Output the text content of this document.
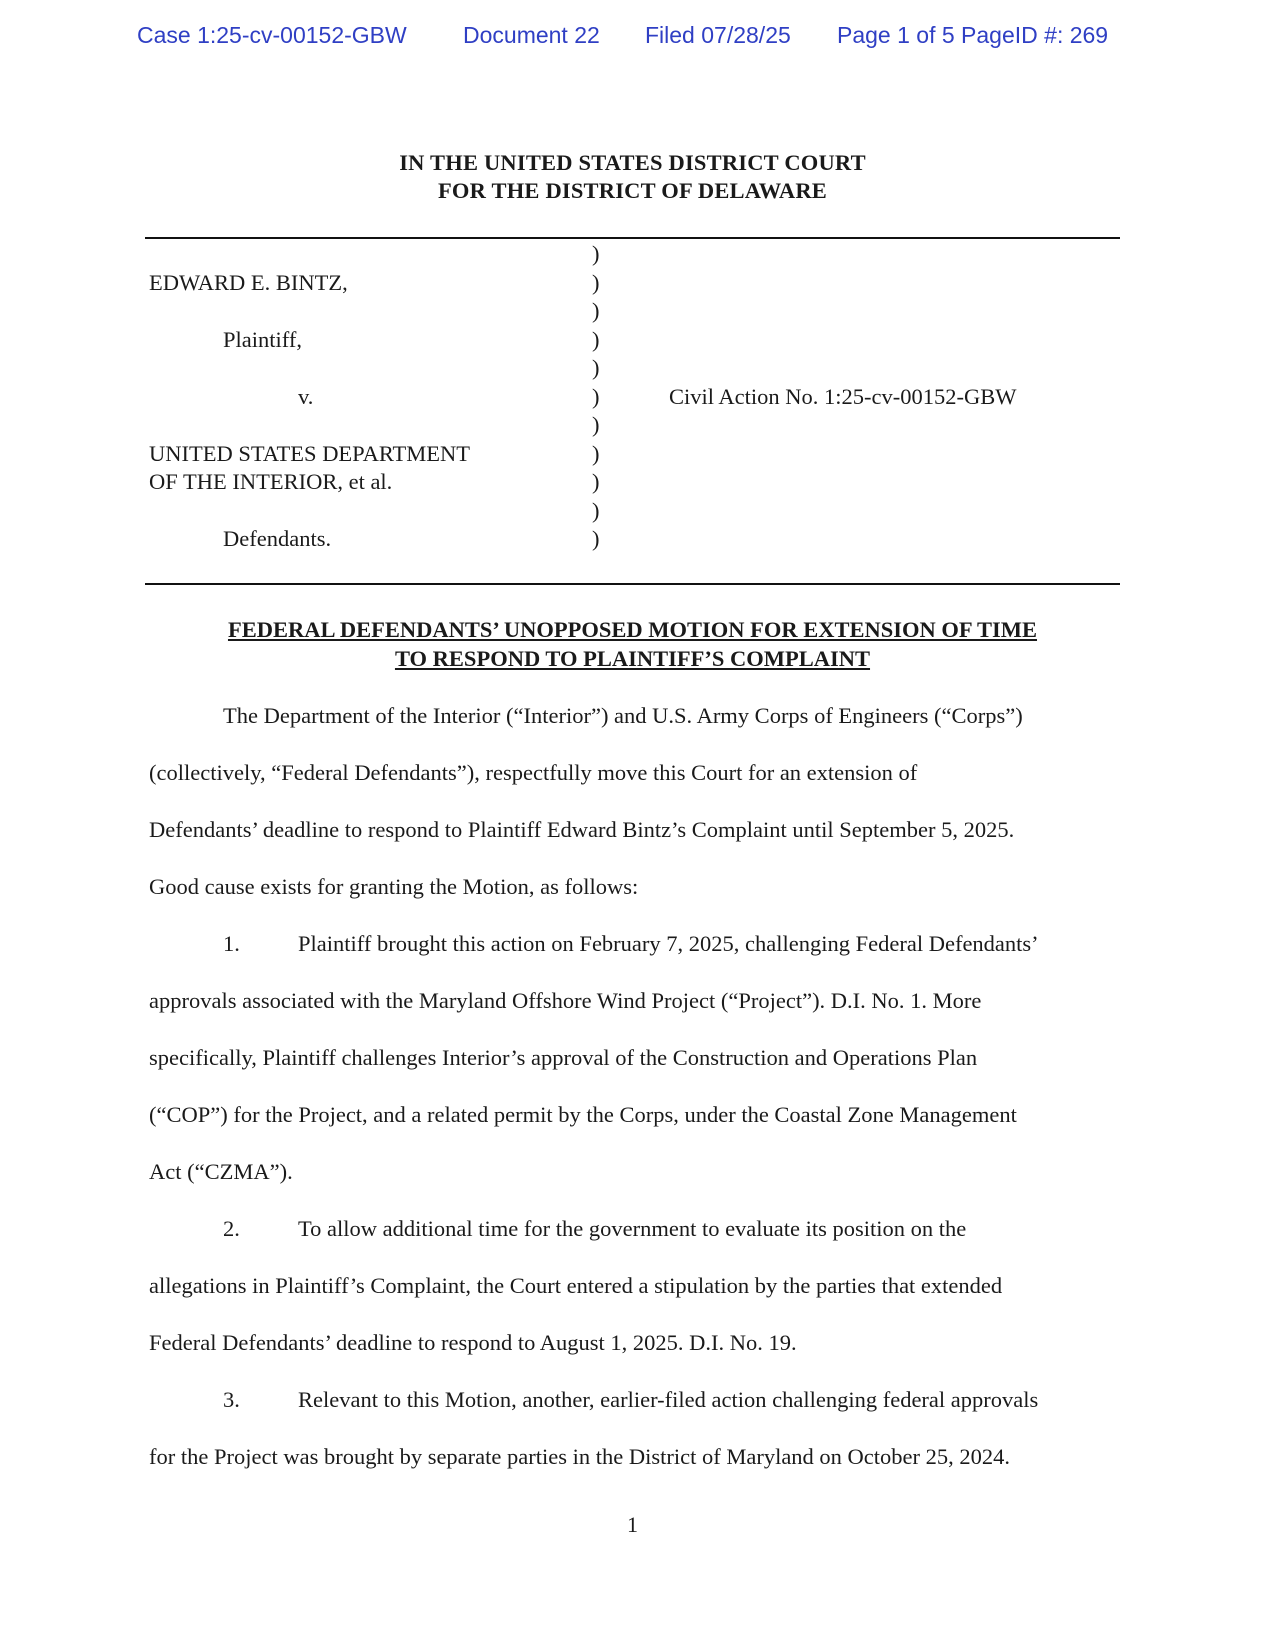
Case 1:25-cv-00152-GBW Document 22 Filed 07/28/25 Page 1 of 5 PageID #: 269
IN THE UNITED STATES DISTRICT COURT
FOR THE DISTRICT OF DELAWARE
EDWARD E. BINTZ,
Plaintiff,
v.
UNITED STATES DEPARTMENT
OF THE INTERIOR, et al.
Defendants.
)
)
)
)
)
)
)
)
)
)
)
Civil Action No. 1:25-cv-00152-GBW
FEDERAL DEFENDANTS’ UNOPPOSED MOTION FOR EXTENSION OF TIME
TO RESPOND TO PLAINTIFF’S COMPLAINT
The Department of the Interior (“Interior”) and U.S. Army Corps of Engineers (“Corps”)
(collectively, “Federal Defendants”), respectfully move this Court for an extension of
Defendants’ deadline to respond to Plaintiff Edward Bintz’s Complaint until September 5, 2025.
Good cause exists for granting the Motion, as follows:
1.	Plaintiff brought this action on February 7, 2025, challenging Federal Defendants’
approvals associated with the Maryland Offshore Wind Project (“Project”). D.I. No. 1. More
specifically, Plaintiff challenges Interior’s approval of the Construction and Operations Plan
(“COP”) for the Project, and a related permit by the Corps, under the Coastal Zone Management
Act (“CZMA”).
2.	To allow additional time for the government to evaluate its position on the
allegations in Plaintiff’s Complaint, the Court entered a stipulation by the parties that extended
Federal Defendants’ deadline to respond to August 1, 2025. D.I. No. 19.
3.	Relevant to this Motion, another, earlier-filed action challenging federal approvals
for the Project was brought by separate parties in the District of Maryland on October 25, 2024.
1
